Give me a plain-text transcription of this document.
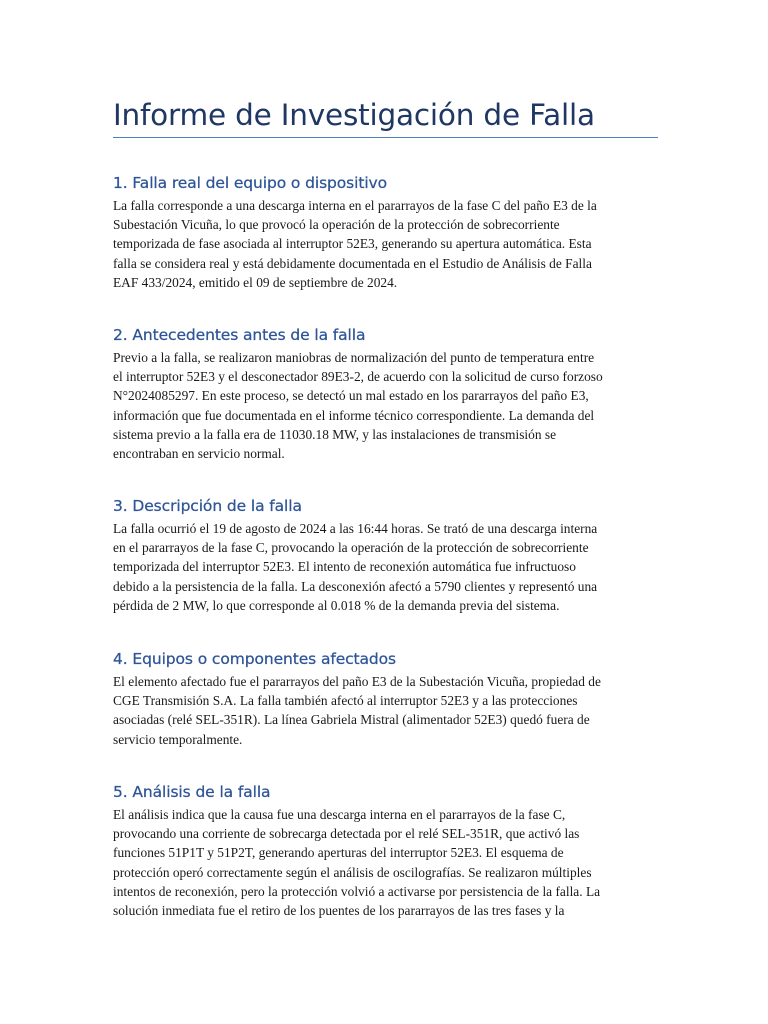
Informe de Investigación de Falla
1. Falla real del equipo o dispositivo

La falla corresponde a una descarga interna en el pararrayos de la fase C del paño E3 de la
Subestación Vicuña, lo que provocó la operación de la protección de sobrecorriente
temporizada de fase asociada al interruptor 52E3, generando su apertura automática. Esta
falla se considera real y está debidamente documentada en el Estudio de Análisis de Falla
EAF 433/2024, emitido el 09 de septiembre de 2024.

2. Antecedentes antes de la falla

Previo a la falla, se realizaron maniobras de normalización del punto de temperatura entre
el interruptor 52E3 y el desconectador 89E3-2, de acuerdo con la solicitud de curso forzoso
N°2024085297. En este proceso, se detectó un mal estado en los pararrayos del paño E3,
información que fue documentada en el informe técnico correspondiente. La demanda del
sistema previo a la falla era de 11030.18 MW, y las instalaciones de transmisión se
encontraban en servicio normal.

3. Descripción de la falla

La falla ocurrió el 19 de agosto de 2024 a las 16:44 horas. Se trató de una descarga interna
en el pararrayos de la fase C, provocando la operación de la protección de sobrecorriente
temporizada del interruptor 52E3. El intento de reconexión automática fue infructuoso
debido a la persistencia de la falla. La desconexión afectó a 5790 clientes y representó una
pérdida de 2 MW, lo que corresponde al 0.018 % de la demanda previa del sistema.

4. Equipos o componentes afectados

El elemento afectado fue el pararrayos del paño E3 de la Subestación Vicuña, propiedad de
CGE Transmisión S.A. La falla también afectó al interruptor 52E3 y a las protecciones
asociadas (relé SEL-351R). La línea Gabriela Mistral (alimentador 52E3) quedó fuera de
servicio temporalmente.

5. Análisis de la falla

El análisis indica que la causa fue una descarga interna en el pararrayos de la fase C,
provocando una corriente de sobrecarga detectada por el relé SEL-351R, que activó las
funciones 51P1T y 51P2T, generando aperturas del interruptor 52E3. El esquema de
protección operó correctamente según el análisis de oscilografías. Se realizaron múltiples
intentos de reconexión, pero la protección volvió a activarse por persistencia de la falla. La
solución inmediata fue el retiro de los puentes de los pararrayos de las tres fases y la
